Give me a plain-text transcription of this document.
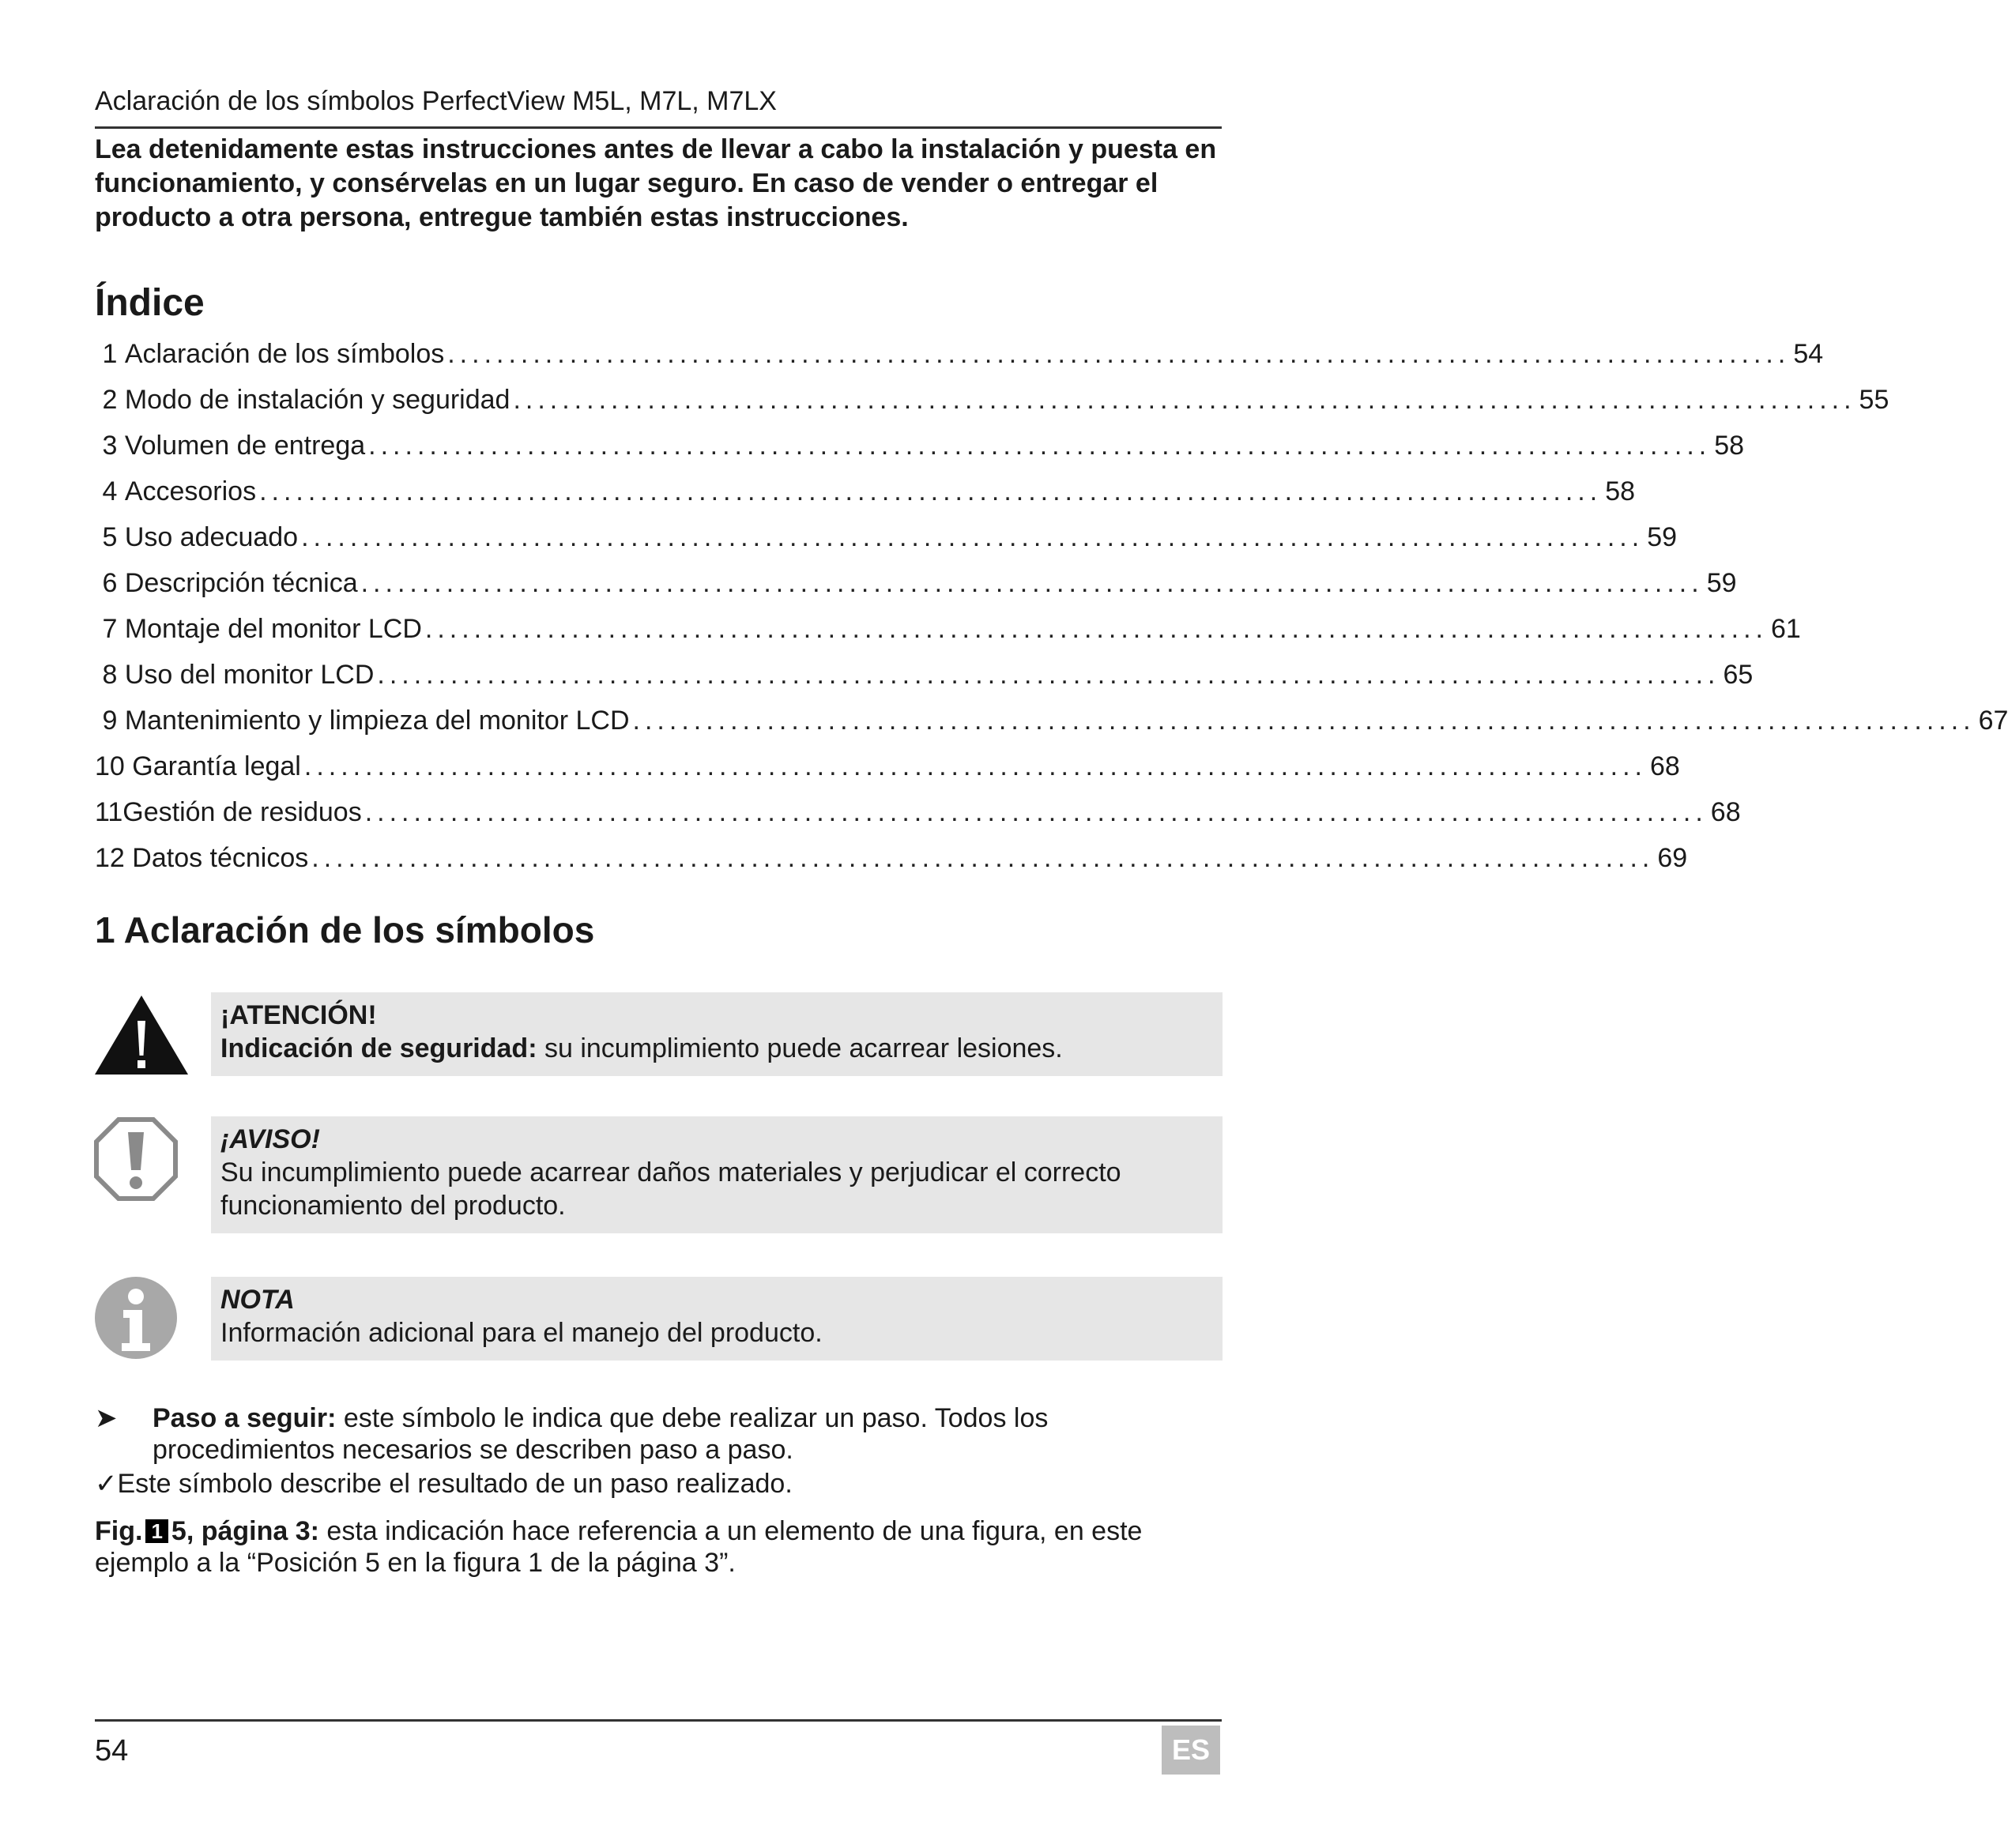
Aclaración de los símbolos PerfectView M5L, M7L, M7LX
Lea detenidamente estas instrucciones antes de llevar a cabo la instalación y puesta en funcionamiento, y consérvelas en un lugar seguro. En caso de vender o entregar el producto a otra persona, entregue también estas instrucciones.
Índice
1
Aclaración de los símbolos .............................................................................................................. 54
2
Modo de instalación y seguridad .............................................................................................................. 55
3
Volumen de entrega .............................................................................................................. 58
4
Accesorios .............................................................................................................. 58
5
Uso adecuado .............................................................................................................. 59
6
Descripción técnica .............................................................................................................. 59
7
Montaje del monitor LCD .............................................................................................................. 61
8
Uso del monitor LCD .............................................................................................................. 65
9
Mantenimiento y limpieza del monitor LCD .............................................................................................................. 67
10
Garantía legal .............................................................................................................. 68
11 Gestión de residuos .............................................................................................................. 68
12
Datos técnicos .............................................................................................................. 69
1 Aclaración de los símbolos
¡ATENCIÓN!
Indicación de seguridad: su incumplimiento puede acarrear lesiones.
¡AVISO!
Su incumplimiento puede acarrear daños materiales y perjudicar el correcto funcionamiento del producto.
NOTA
Información adicional para el manejo del producto.
➤	Paso a seguir: este símbolo le indica que debe realizar un paso. Todos los procedimientos necesarios se describen paso a paso.
✓Este símbolo describe el resultado de un paso realizado.
Fig. 1 5, página 3: esta indicación hace referencia a un elemento de una figura, en este ejemplo a la “Posición 5 en la figura 1 de la página 3”.
54	ES
